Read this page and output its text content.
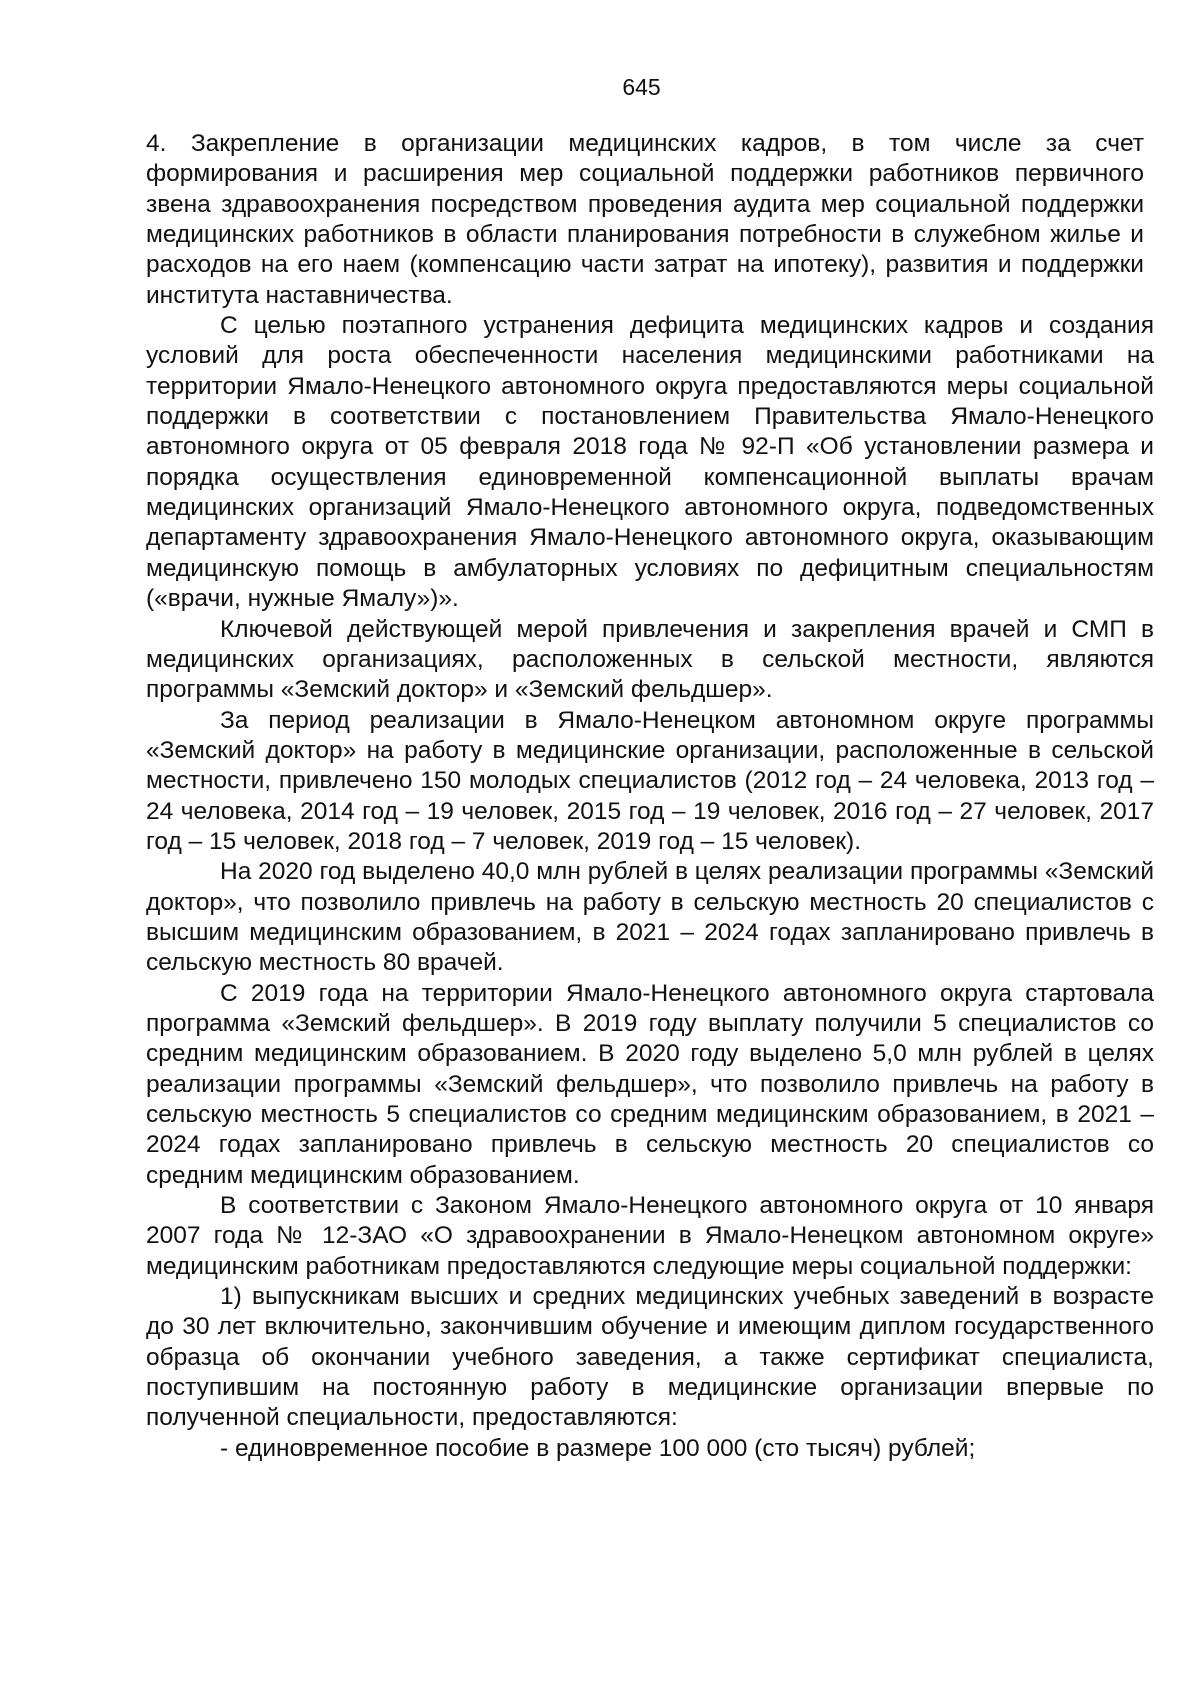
645

4. Закрепление в организации медицинских кадров, в том числе за счет формирования и расширения мер социальной поддержки работников первичного звена здравоохранения посредством проведения аудита мер социальной поддержки медицинских работников в области планирования потребности в служебном жилье и расходов на его наем (компенсацию части затрат на ипотеку), развития и поддержки института наставничества.

С целью поэтапного устранения дефицита медицинских кадров и создания условий для роста обеспеченности населения медицинскими работниками на территории Ямало-Ненецкого автономного округа предоставляются меры социальной поддержки в соответствии с постановлением Правительства Ямало-Ненецкого автономного округа от 05 февраля 2018 года № 92-П «Об установлении размера и порядка осуществления единовременной компенсационной выплаты врачам медицинских организаций Ямало-Ненецкого автономного округа, подведомственных департаменту здравоохранения Ямало-Ненецкого автономного округа, оказывающим медицинскую помощь в амбулаторных условиях по дефицитным специальностям («врачи, нужные Ямалу»)».

Ключевой действующей мерой привлечения и закрепления врачей и СМП в медицинских организациях, расположенных в сельской местности, являются программы «Земский доктор» и «Земский фельдшер».

За период реализации в Ямало-Ненецком автономном округе программы «Земский доктор» на работу в медицинские организации, расположенные в сельской местности, привлечено 150 молодых специалистов (2012 год – 24 человека, 2013 год – 24 человека, 2014 год – 19 человек, 2015 год – 19 человек, 2016 год – 27 человек, 2017 год – 15 человек, 2018 год – 7 человек, 2019 год – 15 человек).

На 2020 год выделено 40,0 млн рублей в целях реализации программы «Земский доктор», что позволило привлечь на работу в сельскую местность 20 специалистов с высшим медицинским образованием, в 2021 – 2024 годах запланировано привлечь в сельскую местность 80 врачей.

С 2019 года на территории Ямало-Ненецкого автономного округа стартовала программа «Земский фельдшер». В 2019 году выплату получили 5 специалистов со средним медицинским образованием. В 2020 году выделено 5,0 млн рублей в целях реализации программы «Земский фельдшер», что позволило привлечь на работу в сельскую местность 5 специалистов со средним медицинским образованием, в 2021 – 2024 годах запланировано привлечь в сельскую местность 20 специалистов со средним медицинским образованием.

В соответствии с Законом Ямало-Ненецкого автономного округа от 10 января 2007 года № 12-ЗАО «О здравоохранении в Ямало-Ненецком автономном округе» медицинским работникам предоставляются следующие меры социальной поддержки:

1) выпускникам высших и средних медицинских учебных заведений в возрасте до 30 лет включительно, закончившим обучение и имеющим диплом государственного образца об окончании учебного заведения, а также сертификат специалиста, поступившим на постоянную работу в медицинские организации впервые по полученной специальности, предоставляются:

- единовременное пособие в размере 100 000 (сто тысяч) рублей;
